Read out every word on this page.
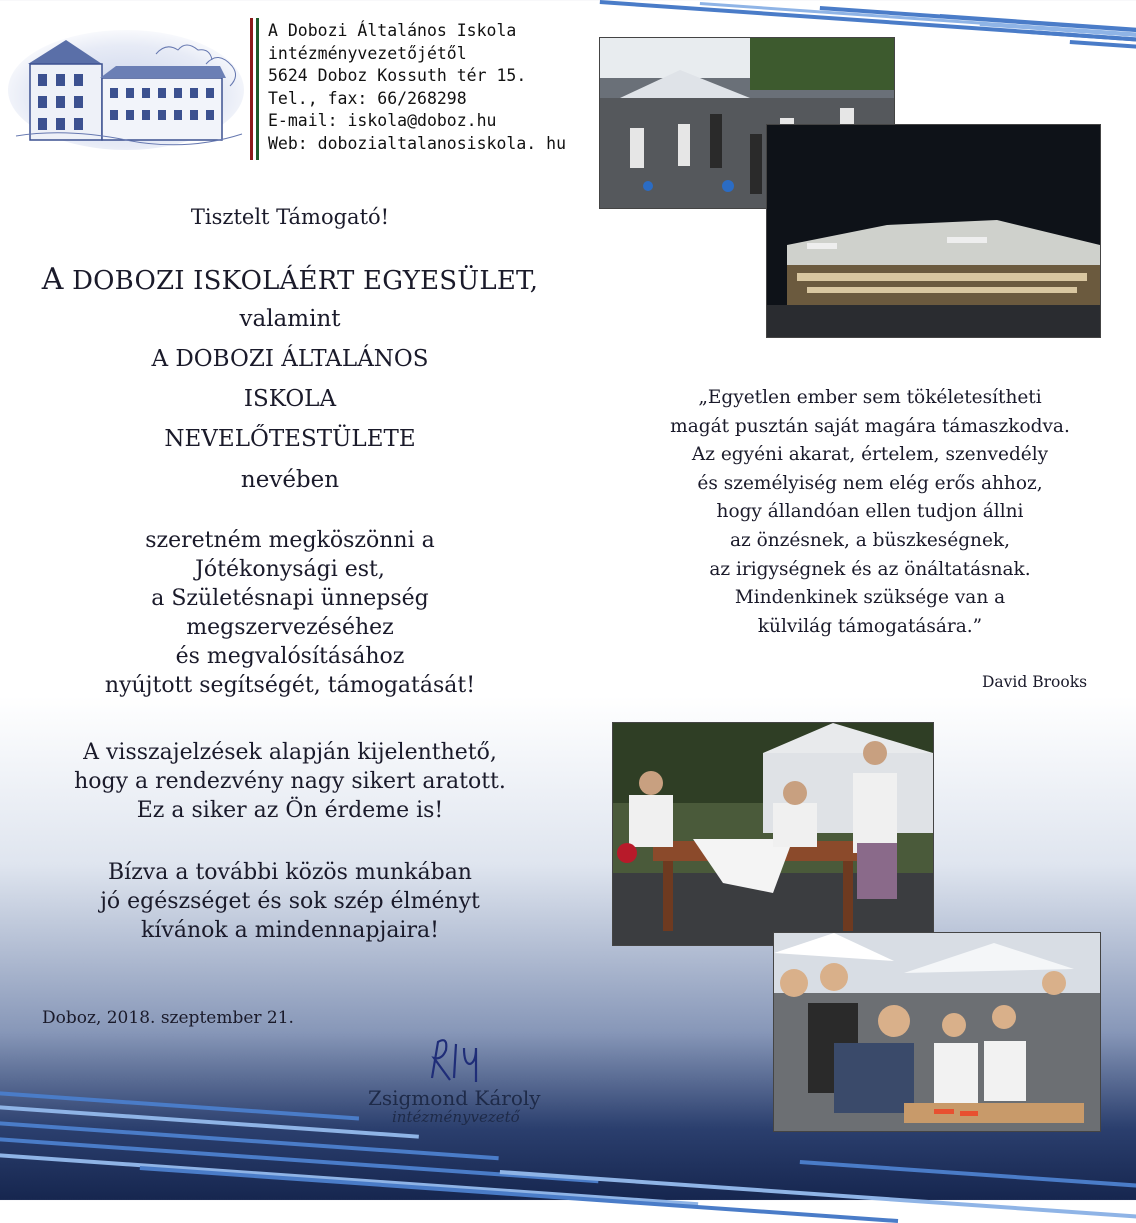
A Dobozi Általános Iskola
intézményvezetőjétől
5624 Doboz Kossuth tér 15.
Tel., fax: 66/268298
E-mail: iskola@doboz.hu
Web: dobozialtalanosiskola. hu
Tisztelt Támogató!
A DOBOZI ISKOLÁÉRT EGYESÜLET,
valamint
A DOBOZI ÁLTALÁNOS
ISKOLA
NEVELŐTESTÜLETE
nevében
szeretném megköszönni a
Jótékonysági est,
a Születésnapi ünnepség
megszervezéséhez
és megvalósításához
nyújtott segítségét, támogatását!
A visszajelzések alapján kijelenthető,
hogy a rendezvény nagy sikert aratott.
Ez a siker az Ön érdeme is!
Bízva a további közös munkában
jó egészséget és sok szép élményt
kívánok a mindennapjaira!
Doboz, 2018. szeptember 21.
Zsigmond Károly
intézményvezető
„Egyetlen ember sem tökéletesítheti
magát pusztán saját magára támaszkodva.
Az egyéni akarat, értelem, szenvedély
és személyiség nem elég erős ahhoz,
hogy állandóan ellen tudjon állni
az önzésnek, a büszkeségnek,
az irigységnek és az önáltatásnak.
Mindenkinek szüksége van a
külvilág támogatására.”
David Brooks
